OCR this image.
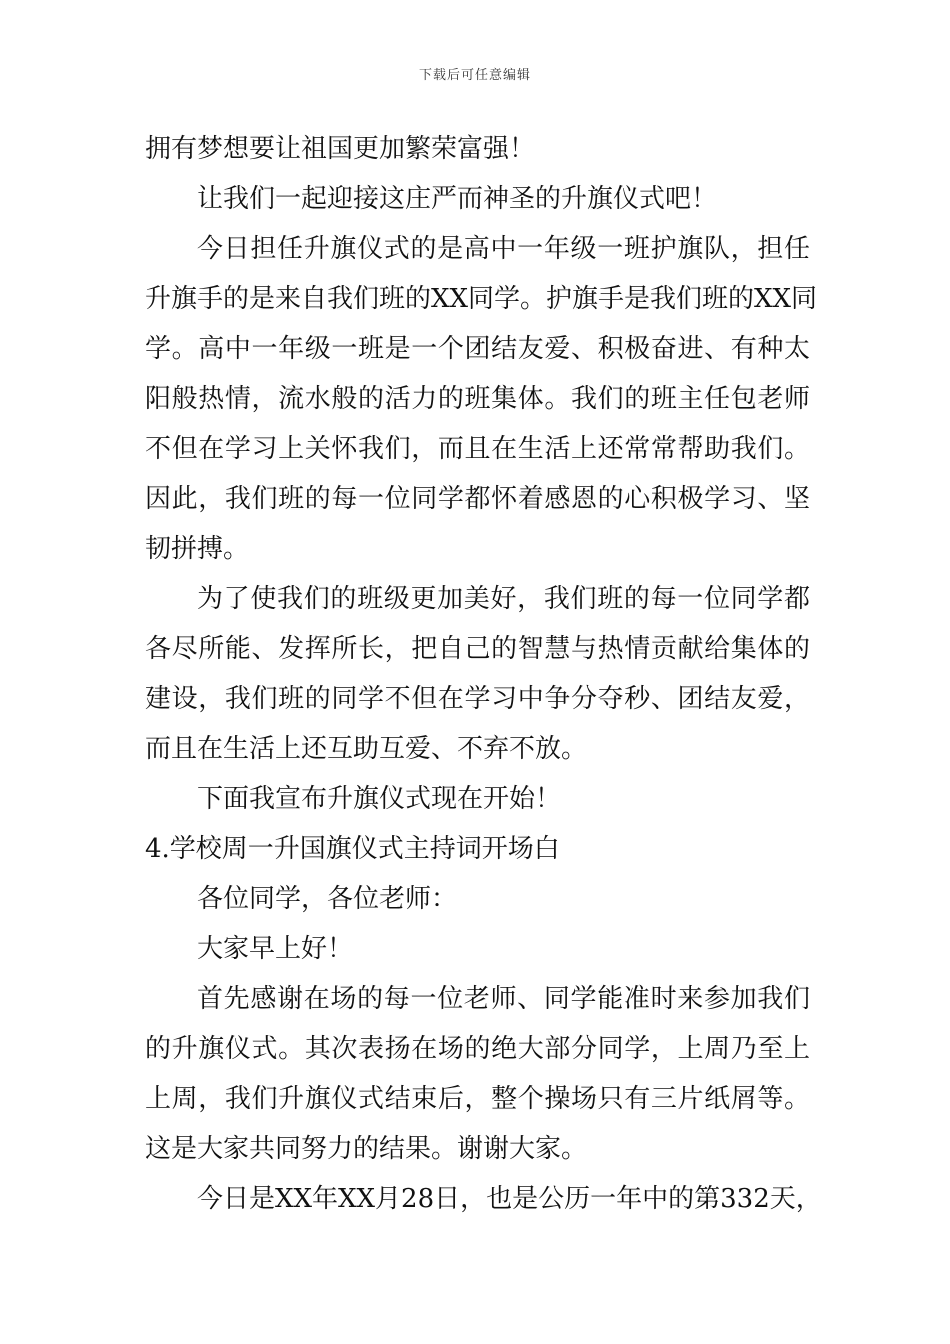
下载后可任意编辑
拥有梦想要让祖国更加繁荣富强！
让我们一起迎接这庄严而神圣的升旗仪式吧！
今日担任升旗仪式的是高中一年级一班护旗队，担任
升旗手的是来自我们班的XX同学。护旗手是我们班的XX同
学。高中一年级一班是一个团结友爱、积极奋进、有种太
阳般热情，流水般的活力的班集体。我们的班主任包老师
不但在学习上关怀我们，而且在生活上还常常帮助我们。
因此，我们班的每一位同学都怀着感恩的心积极学习、坚
韧拼搏。
为了使我们的班级更加美好，我们班的每一位同学都
各尽所能、发挥所长，把自己的智慧与热情贡献给集体的
建设，我们班的同学不但在学习中争分夺秒、团结友爱，
而且在生活上还互助互爱、不弃不放。
下面我宣布升旗仪式现在开始！
4.学校周一升国旗仪式主持词开场白
各位同学，各位老师：
大家早上好！
首先感谢在场的每一位老师、同学能准时来参加我们
的升旗仪式。其次表扬在场的绝大部分同学，上周乃至上
上周，我们升旗仪式结束后，整个操场只有三片纸屑等。
这是大家共同努力的结果。谢谢大家。
今日是XX年XX月28日，也是公历一年中的第332天，
